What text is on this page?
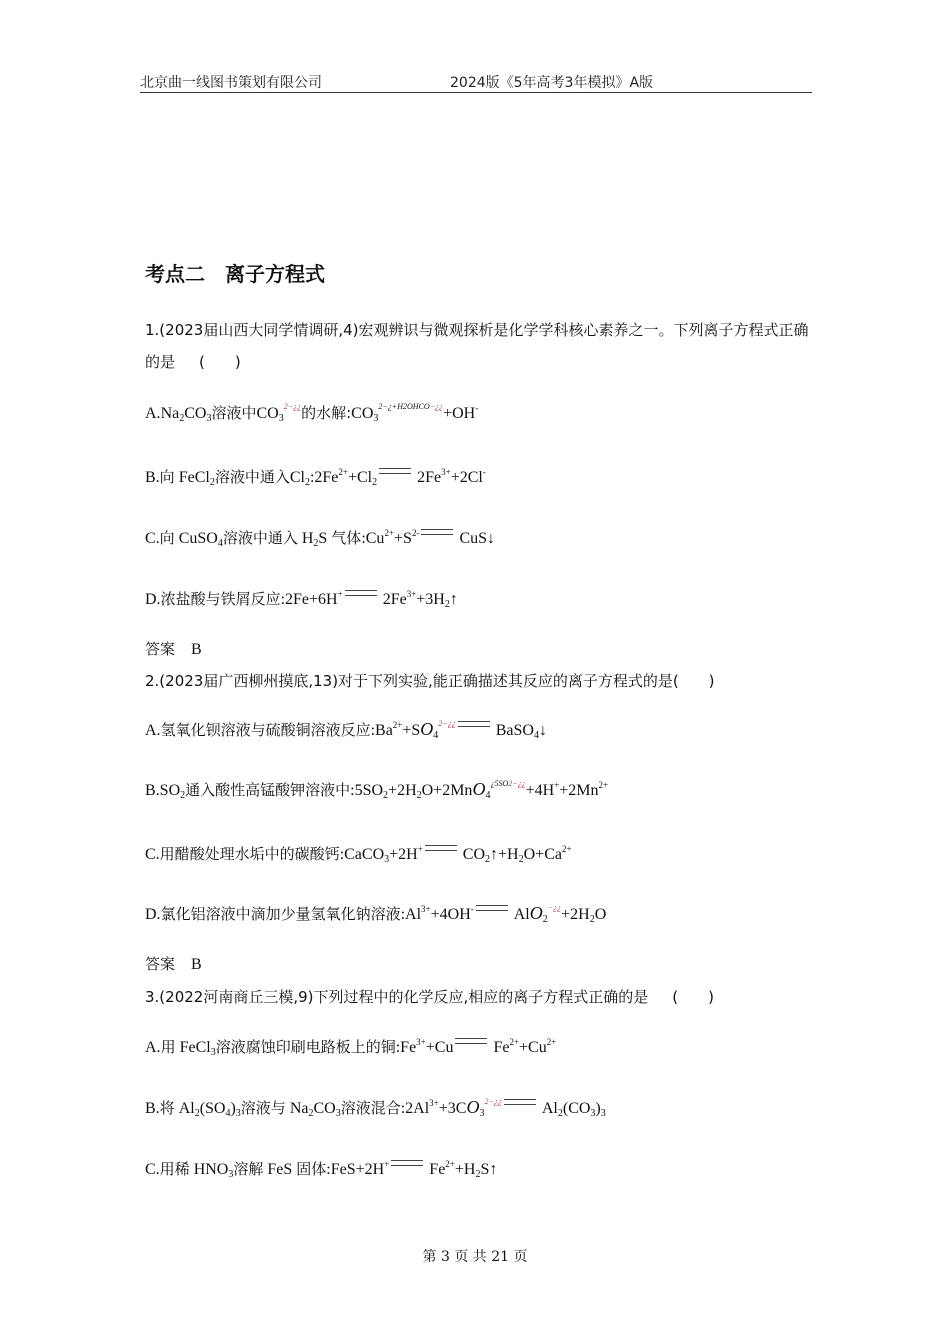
北京曲一线图书策划有限公司	2024版《5年高考3年模拟》A版
考点二　离子方程式
1.(2023届山西大同学情调研,4)宏观辨识与微观探析是化学学科核心素养之一。下列离子方程式正确的是 (　　)
$A.Na_2CO_3$溶液中$CO_3^{2-¿¿}$的水解$:CO_3^{2-¿+H2OHCO-¿¿}+OH^-$
B.向 FeCl$_2$溶液中通入$Cl_2:2Fe^{2+}+Cl_2$	$2Fe^{3+}+2Cl^-$
C.向 CuSO$_4$溶液中通入 $H_2S$ 气体$:Cu^{2+}+S^{2-}$	CuS↓
D.浓盐酸与铁屑反应:2Fe+6H+	$2Fe^{3+}+3H_2↑$
答案　 B
2.(2023届广西柳州摸底,13)对于下列实验,能正确描述其反应的离子方程式的是(　　)
A.氢氧化钡溶液与硫酸铜溶液反应$:Ba^{2+}+SO_4^{2-¿¿}$	BaSO$_4$↓
$B.SO_2$通入酸性高锰酸钾溶液中$:5SO_2+2H_2O+2MnO_4^{¿5SO2-¿¿}+4H^++2Mn^{2+}$
C.用醋酸处理水垢中的碳酸钙:CaCO$_3$+2H+	$CO_2↑+H_2O+Ca^{2+}$
D.氯化铝溶液中滴加少量氢氧化钠溶液$:Al^{3+}+4OH^-$	$AlO_2^{-¿¿}+2H_2O$
答案　 B
3.(2022河南商丘三模,9)下列过程中的化学反应,相应的离子方程式正确的是 (　　)
A.用 FeCl$_3$溶液腐蚀印刷电路板上的铜$:Fe^{3+}+Cu$	$Fe^{2+}+Cu^{2+}$
B.将 $Al_2(SO_4)_3$溶液与 $Na_2CO_3$溶液混合$:2Al^{3+}+3CO_3^{2-¿¿}$	$Al_2(CO_3)_3$
C.用稀 $HNO_3$溶解 FeS 固体:FeS+2H+	$Fe^{2+}+H_2S↑$
第 3 页 共 21 页
